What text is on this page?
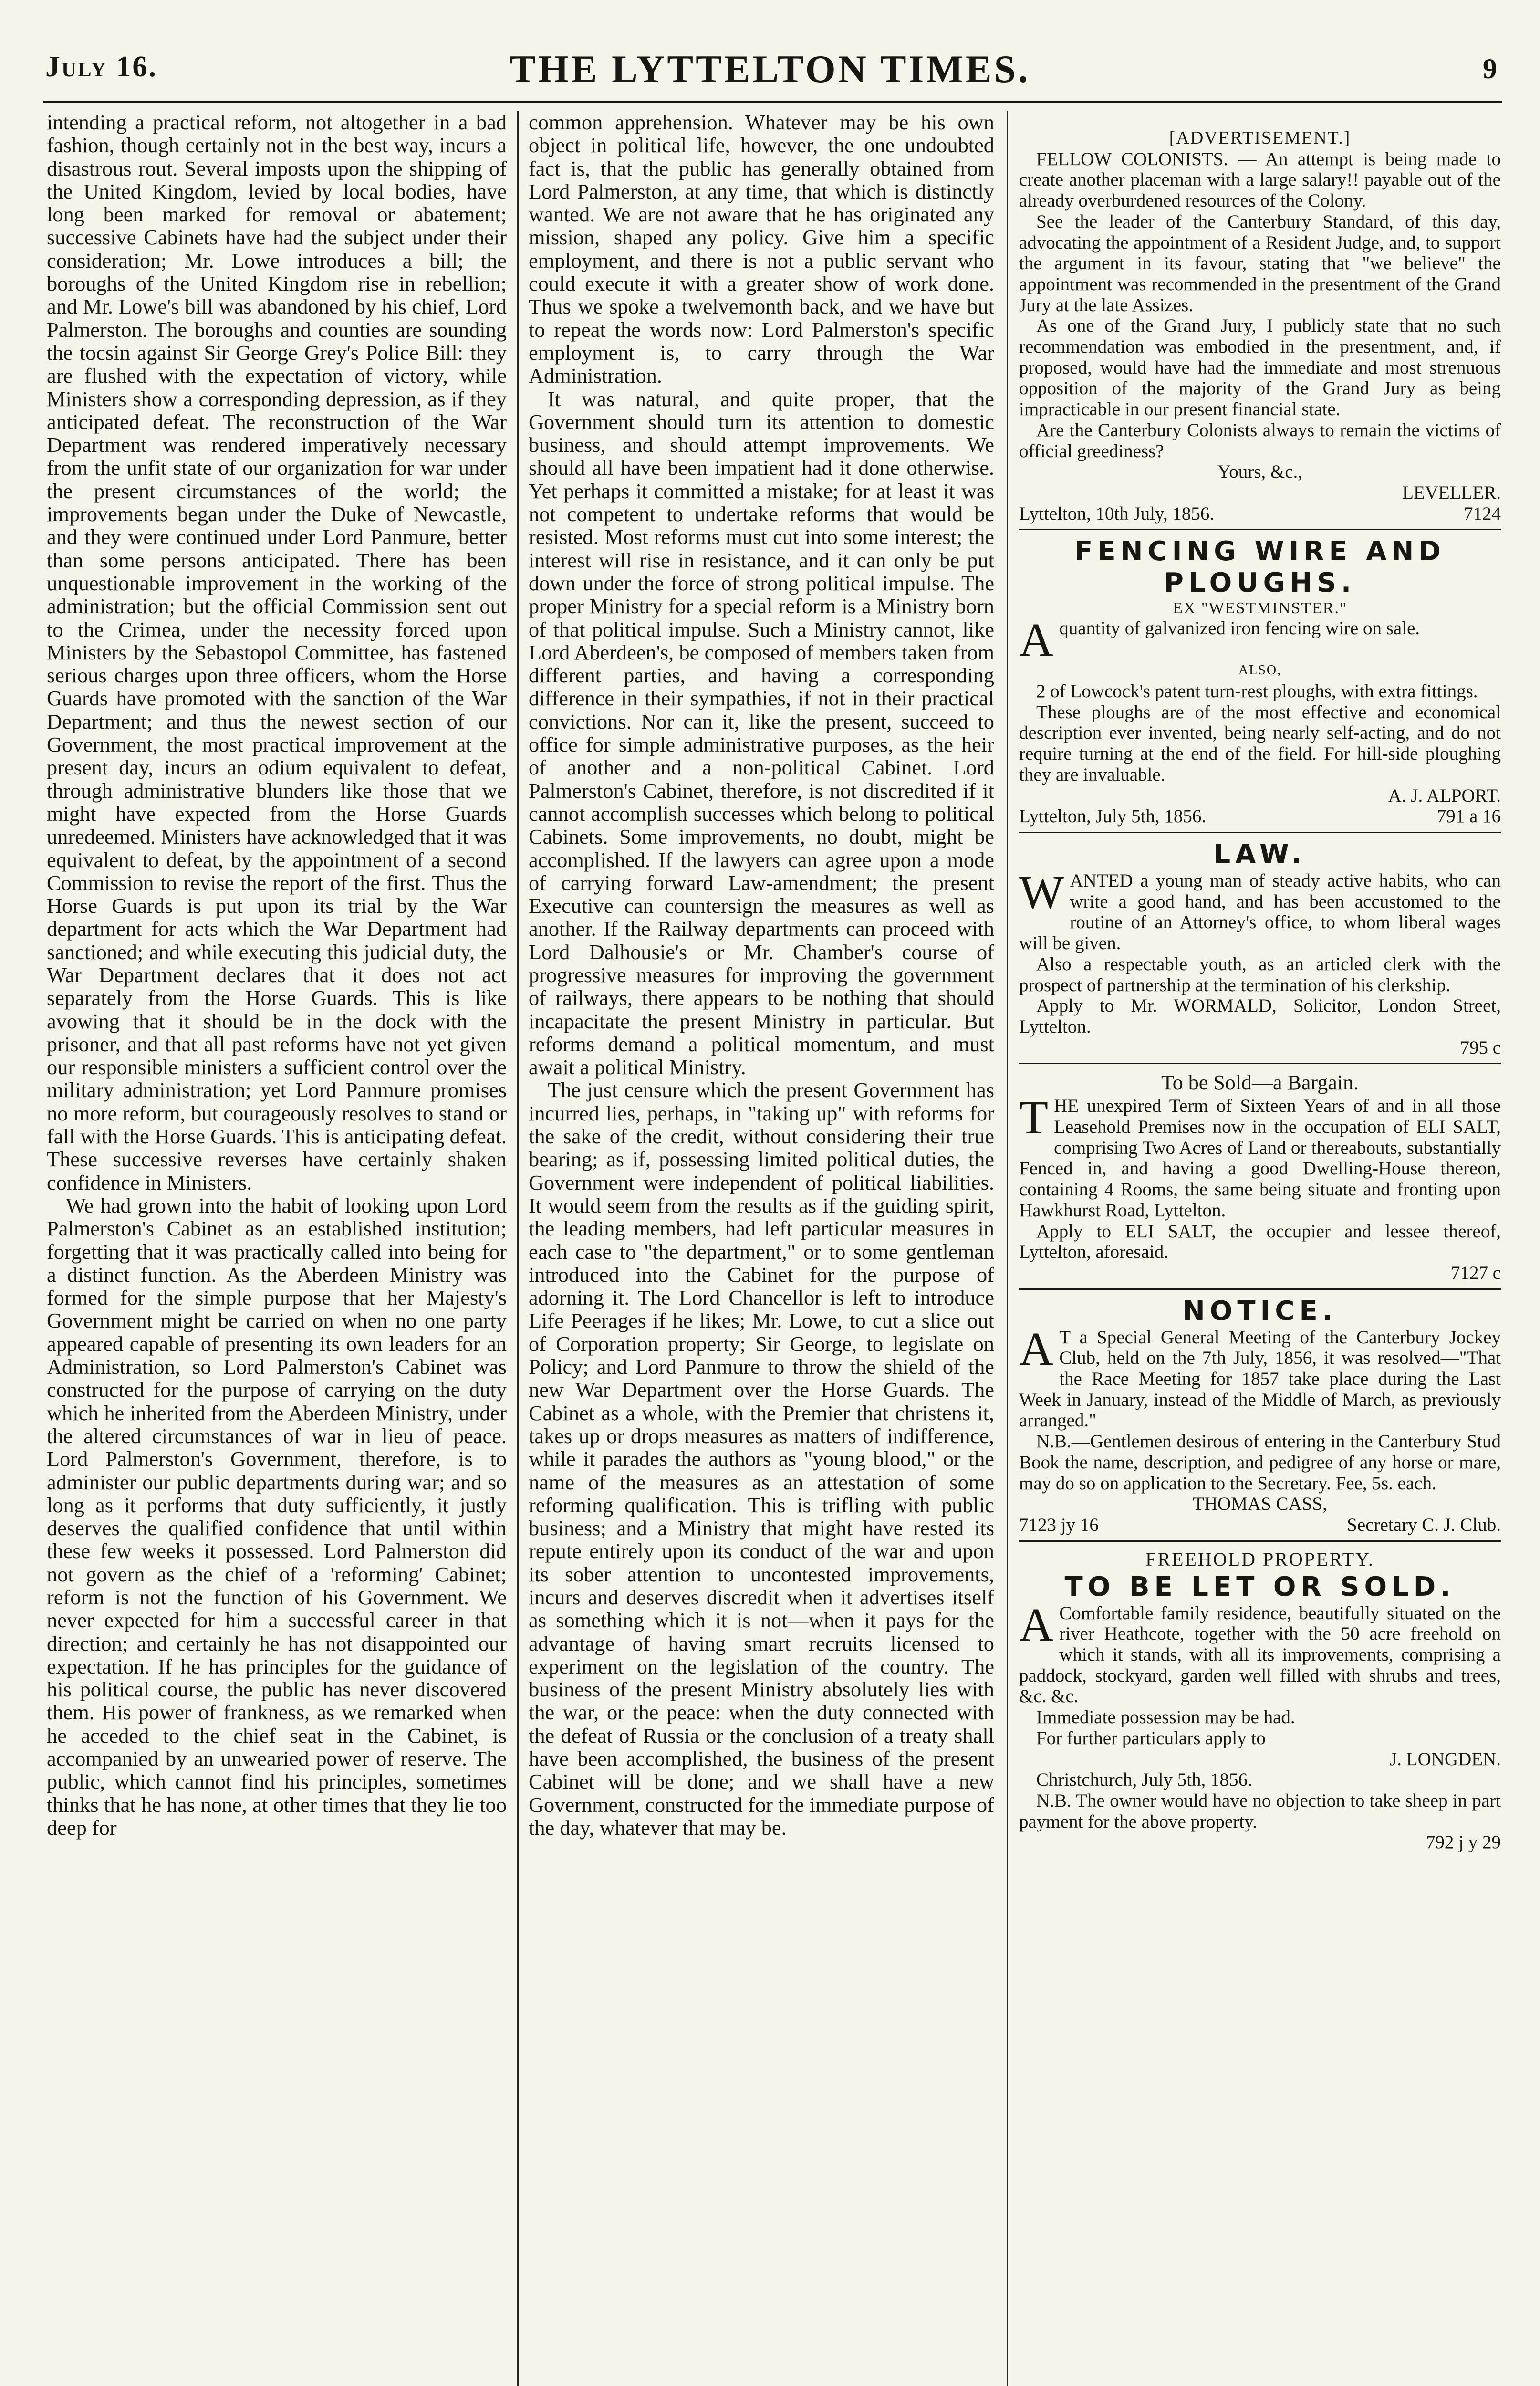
July 16.	THE LYTTELTON TIMES.	9

intending a practical reform, not altogether in a bad fashion, though certainly not in the best way, incurs a disastrous rout. Several imposts upon the shipping of the United Kingdom, levied by local bodies, have long been marked for removal or abatement; successive Cabinets have had the subject under their consideration; Mr. Lowe introduces a bill; the boroughs of the United Kingdom rise in rebellion; and Mr. Lowe's bill was abandoned by his chief, Lord Palmerston. The boroughs and counties are sounding the tocsin against Sir George Grey's Police Bill: they are flushed with the expectation of victory, while Ministers show a corresponding depression, as if they anticipated defeat. The reconstruction of the War Department was rendered imperatively necessary from the unfit state of our organization for war under the present circumstances of the world; the improvements began under the Duke of Newcastle, and they were continued under Lord Panmure, better than some persons anticipated. There has been unquestionable improvement in the working of the administration; but the official Commission sent out to the Crimea, under the necessity forced upon Ministers by the Sebastopol Committee, has fastened serious charges upon three officers, whom the Horse Guards have promoted with the sanction of the War Department; and thus the newest section of our Government, the most practical improvement at the present day, incurs an odium equivalent to defeat, through administrative blunders like those that we might have expected from the Horse Guards unredeemed. Ministers have acknowledged that it was equivalent to defeat, by the appointment of a second Commission to revise the report of the first. Thus the Horse Guards is put upon its trial by the War department for acts which the War Department had sanctioned; and while executing this judicial duty, the War Department declares that it does not act separately from the Horse Guards. This is like avowing that it should be in the dock with the prisoner, and that all past reforms have not yet given our responsible ministers a sufficient control over the military administration; yet Lord Panmure promises no more reform, but courageously resolves to stand or fall with the Horse Guards. This is anticipating defeat. These successive reverses have certainly shaken confidence in Ministers.

We had grown into the habit of looking upon Lord Palmerston's Cabinet as an established institution; forgetting that it was practically called into being for a distinct function. As the Aberdeen Ministry was formed for the simple purpose that her Majesty's Government might be carried on when no one party appeared capable of presenting its own leaders for an Administration, so Lord Palmerston's Cabinet was constructed for the purpose of carrying on the duty which he inherited from the Aberdeen Ministry, under the altered circumstances of war in lieu of peace. Lord Palmerston's Government, therefore, is to administer our public departments during war; and so long as it performs that duty sufficiently, it justly deserves the qualified confidence that until within these few weeks it possessed. Lord Palmerston did not govern as the chief of a 'reforming' Cabinet; reform is not the function of his Government. We never expected for him a successful career in that direction; and certainly he has not disappointed our expectation. If he has principles for the guidance of his political course, the public has never discovered them. His power of frankness, as we remarked when he acceded to the chief seat in the Cabinet, is accompanied by an unwearied power of reserve. The public, which cannot find his principles, sometimes thinks that he has none, at other times that they lie too deep for

common apprehension. Whatever may be his own object in political life, however, the one undoubted fact is, that the public has generally obtained from Lord Palmerston, at any time, that which is distinctly wanted. We are not aware that he has originated any mission, shaped any policy. Give him a specific employment, and there is not a public servant who could execute it with a greater show of work done. Thus we spoke a twelvemonth back, and we have but to repeat the words now: Lord Palmerston's specific employment is, to carry through the War Administration.

It was natural, and quite proper, that the Government should turn its attention to domestic business, and should attempt improvements. We should all have been impatient had it done otherwise. Yet perhaps it committed a mistake; for at least it was not competent to undertake reforms that would be resisted. Most reforms must cut into some interest; the interest will rise in resistance, and it can only be put down under the force of strong political impulse. The proper Ministry for a special reform is a Ministry born of that political impulse. Such a Ministry cannot, like Lord Aberdeen's, be composed of members taken from different parties, and having a corresponding difference in their sympathies, if not in their practical convictions. Nor can it, like the present, succeed to office for simple administrative purposes, as the heir of another and a non-political Cabinet. Lord Palmerston's Cabinet, therefore, is not discredited if it cannot accomplish successes which belong to political Cabinets. Some improvements, no doubt, might be accomplished. If the lawyers can agree upon a mode of carrying forward Law-amendment; the present Executive can countersign the measures as well as another. If the Railway departments can proceed with Lord Dalhousie's or Mr. Chamber's course of progressive measures for improving the government of railways, there appears to be nothing that should incapacitate the present Ministry in particular. But reforms demand a political momentum, and must await a political Ministry.

The just censure which the present Government has incurred lies, perhaps, in "taking up" with reforms for the sake of the credit, without considering their true bearing; as if, possessing limited political duties, the Government were independent of political liabilities. It would seem from the results as if the guiding spirit, the leading members, had left particular measures in each case to "the department," or to some gentleman introduced into the Cabinet for the purpose of adorning it. The Lord Chancellor is left to introduce Life Peerages if he likes; Mr. Lowe, to cut a slice out of Corporation property; Sir George, to legislate on Policy; and Lord Panmure to throw the shield of the new War Department over the Horse Guards. The Cabinet as a whole, with the Premier that christens it, takes up or drops measures as matters of indifference, while it parades the authors as "young blood," or the name of the measures as an attestation of some reforming qualification. This is trifling with public business; and a Ministry that might have rested its repute entirely upon its conduct of the war and upon its sober attention to uncontested improvements, incurs and deserves discredit when it advertises itself as something which it is not—when it pays for the advantage of having smart recruits licensed to experiment on the legislation of the country. The business of the present Ministry absolutely lies with the war, or the peace: when the duty connected with the defeat of Russia or the conclusion of a treaty shall have been accomplished, the business of the present Cabinet will be done; and we shall have a new Government, constructed for the immediate purpose of the day, whatever that may be.

[ADVERTISEMENT.]

FELLOW COLONISTS. — An attempt is being made to create another placeman with a large salary!! payable out of the already overburdened resources of the Colony.

See the leader of the Canterbury Standard, of this day, advocating the appointment of a Resident Judge, and, to support the argument in its favour, stating that "we believe" the appointment was recommended in the presentment of the Grand Jury at the late Assizes.

As one of the Grand Jury, I publicly state that no such recommendation was embodied in the presentment, and, if proposed, would have had the immediate and most strenuous opposition of the majority of the Grand Jury as being impracticable in our present financial state.

Are the Canterbury Colonists always to remain the victims of official greediness?

Yours, &c.,
LEVELLER.
Lyttelton, 10th July, 1856.	7124
FENCING WIRE AND PLOUGHS.
EX "WESTMINSTER."

Aquantity of galvanized iron fencing wire on sale.

ALSO,

2 of Lowcock's patent turn-rest ploughs, with extra fittings.

These ploughs are of the most effective and economical description ever invented, being nearly self-acting, and do not require turning at the end of the field. For hill-side ploughing they are invaluable.

A. J. ALPORT.
Lyttelton, July 5th, 1856.	791 a 16
LAW.

WANTED a young man of steady active habits, who can write a good hand, and has been accustomed to the routine of an Attorney's office, to whom liberal wages will be given.

Also a respectable youth, as an articled clerk with the prospect of partnership at the termination of his clerkship.

Apply to Mr. WORMALD, Solicitor, London Street, Lyttelton.

795 c
To be Sold—a Bargain.

THE unexpired Term of Sixteen Years of and in all those Leasehold Premises now in the occupation of ELI SALT, comprising Two Acres of Land or thereabouts, substantially Fenced in, and having a good Dwelling-House thereon, containing 4 Rooms, the same being situate and fronting upon Hawkhurst Road, Lyttelton.

Apply to ELI SALT, the occupier and lessee thereof, Lyttelton, aforesaid.

7127 c
NOTICE.

A T a Special General Meeting of the Canterbury Jockey Club, held on the 7th July, 1856, it was resolved—"That the Race Meeting for 1857 take place during the Last Week in January, instead of the Middle of March, as previously arranged."

N.B.—Gentlemen desirous of entering in the Canterbury Stud Book the name, description, and pedigree of any horse or mare, may do so on application to the Secretary. Fee, 5s. each.

THOMAS CASS,
7123 jy 16	Secretary C. J. Club.
FREEHOLD PROPERTY.
TO BE LET OR SOLD.

A Comfortable family residence, beautifully situated on the river Heathcote, together with the 50 acre freehold on which it stands, with all its improvements, comprising a paddock, stockyard, garden well filled with shrubs and trees, &c. &c.

Immediate possession may be had.

For further particulars apply to

J. LONGDEN.

Christchurch, July 5th, 1856.

N.B. The owner would have no objection to take sheep in part payment for the above property.

792 j y 29
